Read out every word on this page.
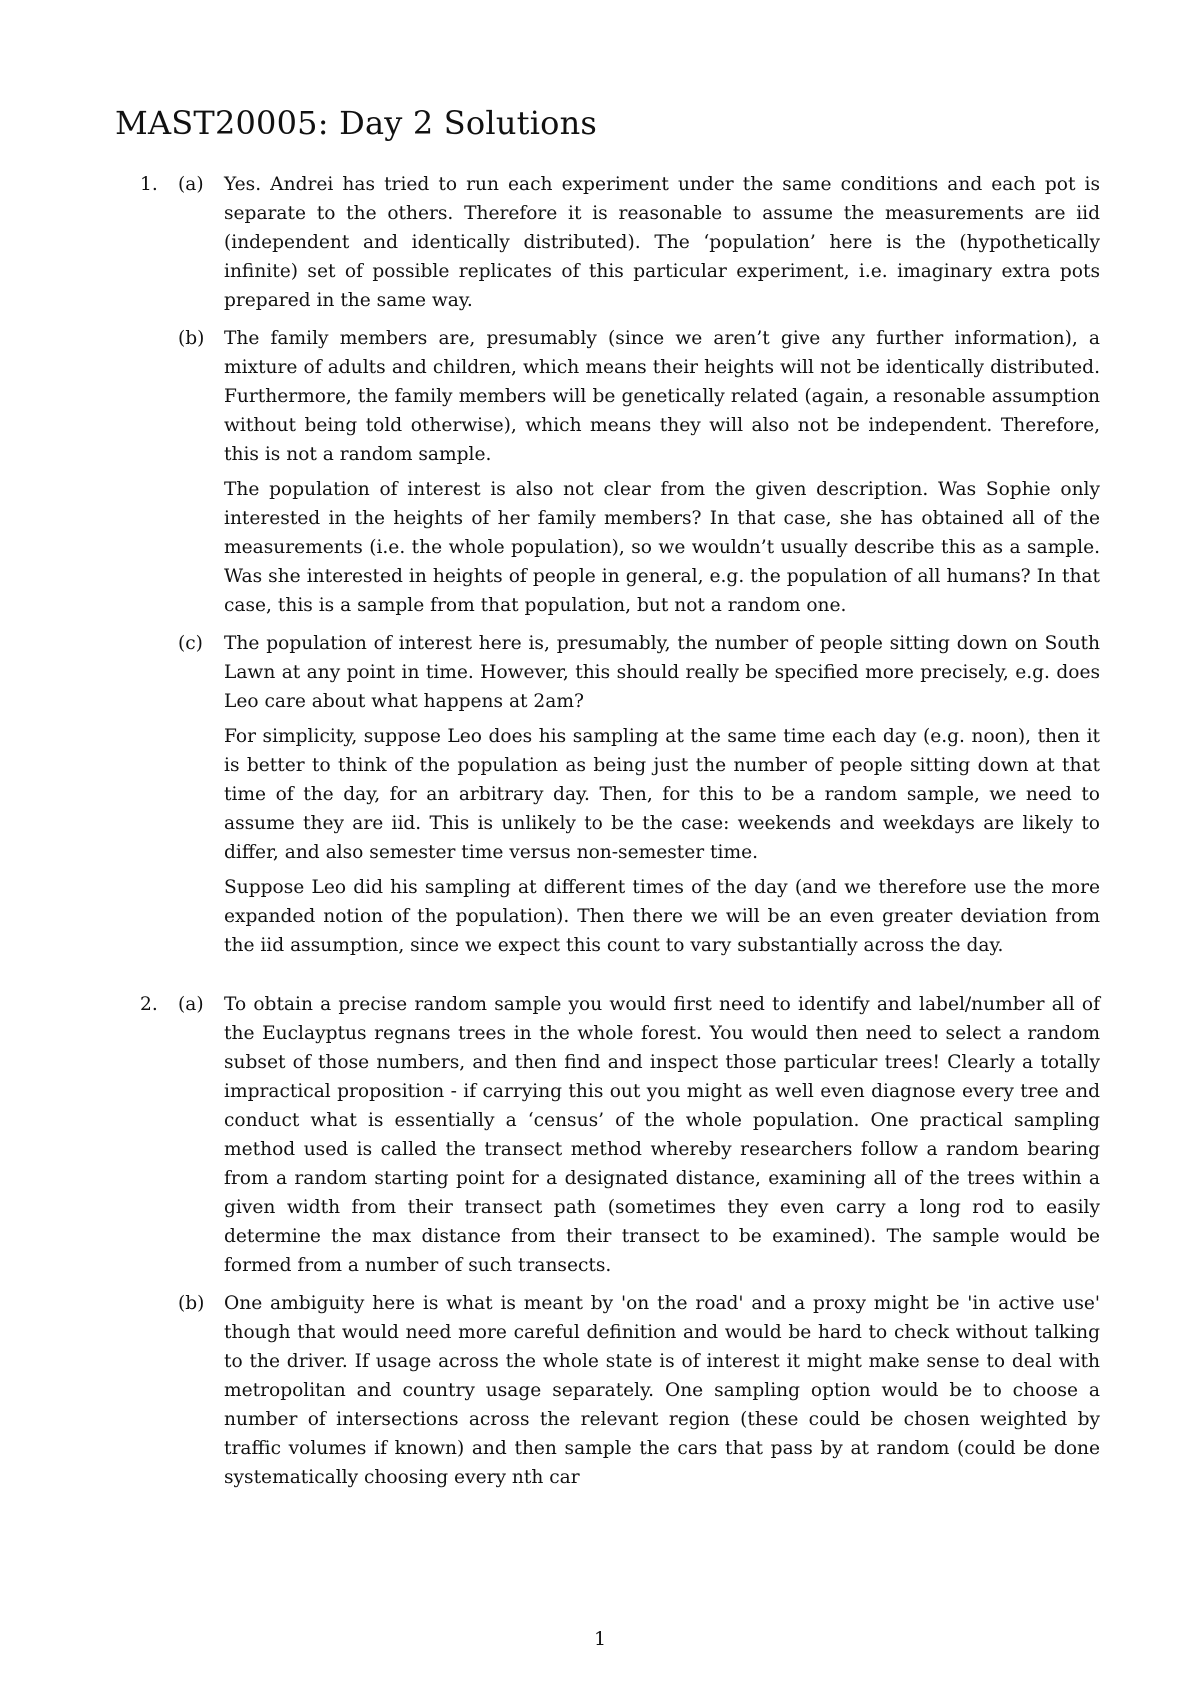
MAST20005: Day 2 Solutions
1.	(a)	Yes. Andrei has tried to run each experiment under the same conditions and each pot is separate to the others. Therefore it is reasonable to assume the measurements are iid (independent and identically distributed). The ‘population’ here is the (hypothetically infinite) set of possible replicates of this particular experiment, i.e. imaginary extra pots prepared in the same way.

(b)	The family members are, presumably (since we aren’t give any further information), a mixture of adults and children, which means their heights will not be identically distributed. Furthermore, the family members will be genetically related (again, a resonable assumption without being told otherwise), which means they will also not be independent. Therefore, this is not a random sample.

The population of interest is also not clear from the given description. Was Sophie only interested in the heights of her family members? In that case, she has obtained all of the measurements (i.e. the whole population), so we wouldn’t usually describe this as a sample. Was she interested in heights of people in general, e.g. the population of all humans? In that case, this is a sample from that population, but not a random one.

(c)	The population of interest here is, presumably, the number of people sitting down on South Lawn at any point in time. However, this should really be specified more precisely, e.g. does Leo care about what happens at 2am?

For simplicity, suppose Leo does his sampling at the same time each day (e.g. noon), then it is better to think of the population as being just the number of people sitting down at that time of the day, for an arbitrary day. Then, for this to be a random sample, we need to assume they are iid. This is unlikely to be the case: weekends and weekdays are likely to differ, and also semester time versus non-semester time.

Suppose Leo did his sampling at different times of the day (and we therefore use the more expanded notion of the population). Then there we will be an even greater deviation from the iid assumption, since we expect this count to vary substantially across the day.

2.	(a)	To obtain a precise random sample you would first need to identify and label/number all of the Euclayptus regnans trees in the whole forest. You would then need to select a random subset of those numbers, and then find and inspect those particular trees! Clearly a totally impractical proposition - if carrying this out you might as well even diagnose every tree and conduct what is essentially a ‘census’ of the whole population. One practical sampling method used is called the transect method whereby researchers follow a random bearing from a random starting point for a designated distance, examining all of the trees within a given width from their transect path (sometimes they even carry a long rod to easily determine the max distance from their transect to be examined). The sample would be formed from a number of such transects.

(b)	One ambiguity here is what is meant by 'on the road' and a proxy might be 'in active use' though that would need more careful definition and would be hard to check without talking to the driver. If usage across the whole state is of interest it might make sense to deal with metropolitan and country usage separately. One sampling option would be to choose a number of intersections across the relevant region (these could be chosen weighted by traffic volumes if known) and then sample the cars that pass by at random (could be done systematically choosing every nth car

1
